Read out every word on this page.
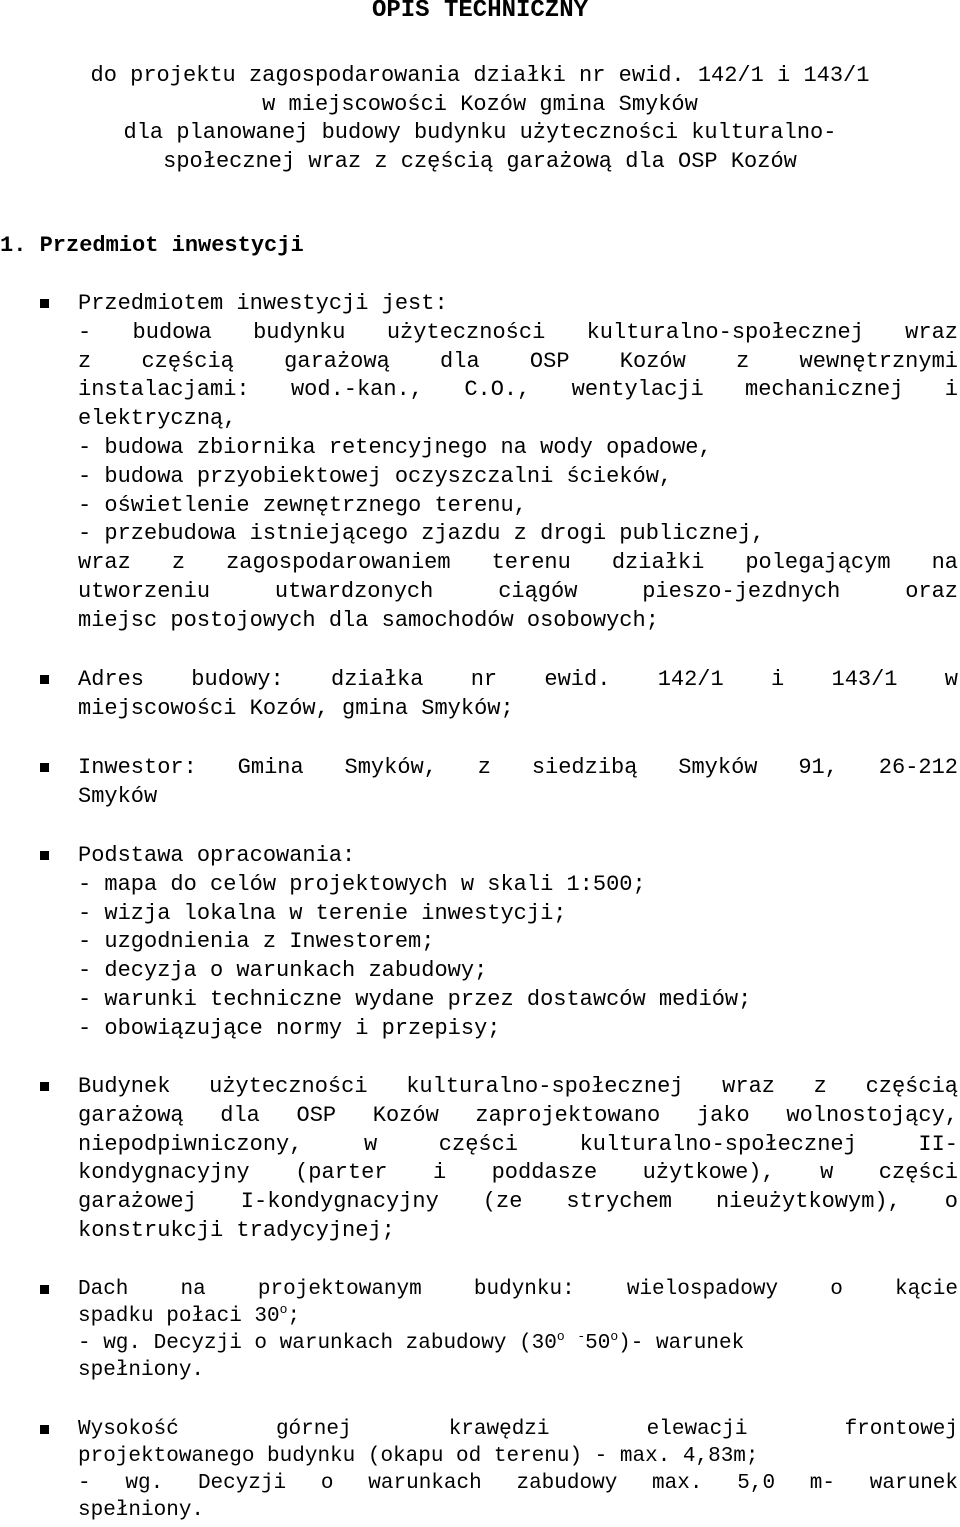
OPIS TECHNICZNY
do projektu zagospodarowania działki nr ewid. 142/1 i 143/1
w miejscowości Kozów gmina Smyków
dla planowanej budowy budynku użyteczności kulturalno-
społecznej wraz z częścią garażową dla OSP Kozów
1. Przedmiot inwestycji
Przedmiotem inwestycji jest:
- budowa budynku użyteczności kulturalno-społecznej wraz
z częścią garażową dla OSP Kozów z wewnętrznymi
instalacjami: wod.-kan., C.O., wentylacji mechanicznej i
elektryczną,
- budowa zbiornika retencyjnego na wody opadowe,
- budowa przyobiektowej oczyszczalni ścieków,
- oświetlenie zewnętrznego terenu,
- przebudowa istniejącego zjazdu z drogi publicznej,
wraz z zagospodarowaniem terenu działki polegającym na
utworzeniu utwardzonych ciągów pieszo-jezdnych oraz
miejsc postojowych dla samochodów osobowych;
Adres budowy: działka nr ewid. 142/1 i 143/1 w
miejscowości Kozów, gmina Smyków;
Inwestor: Gmina Smyków, z siedzibą Smyków 91, 26-212
Smyków
Podstawa opracowania:
- mapa do celów projektowych w skali 1:500;
- wizja lokalna w terenie inwestycji;
- uzgodnienia z Inwestorem;
- decyzja o warunkach zabudowy;
- warunki techniczne wydane przez dostawców mediów;
- obowiązujące normy i przepisy;
Budynek użyteczności kulturalno-społecznej wraz z częścią
garażową dla OSP Kozów zaprojektowano jako wolnostojący,
niepodpiwniczony, w części kulturalno-społecznej II-
kondygnacyjny (parter i poddasze użytkowe), w części
garażowej I-kondygnacyjny (ze strychem nieużytkowym), o
konstrukcji tradycyjnej;
Dach na projektowanym budynku: wielospadowy o kącie
spadku połaci 30$^o$;
- wg. Decyzji o warunkach zabudowy (30$^o$ -50$^o$)- warunek
spełniony.
Wysokość górnej krawędzi elewacji frontowej
projektowanego budynku (okapu od terenu) - max. 4,83m;
- wg. Decyzji o warunkach zabudowy max. 5,0 m- warunek
spełniony.
